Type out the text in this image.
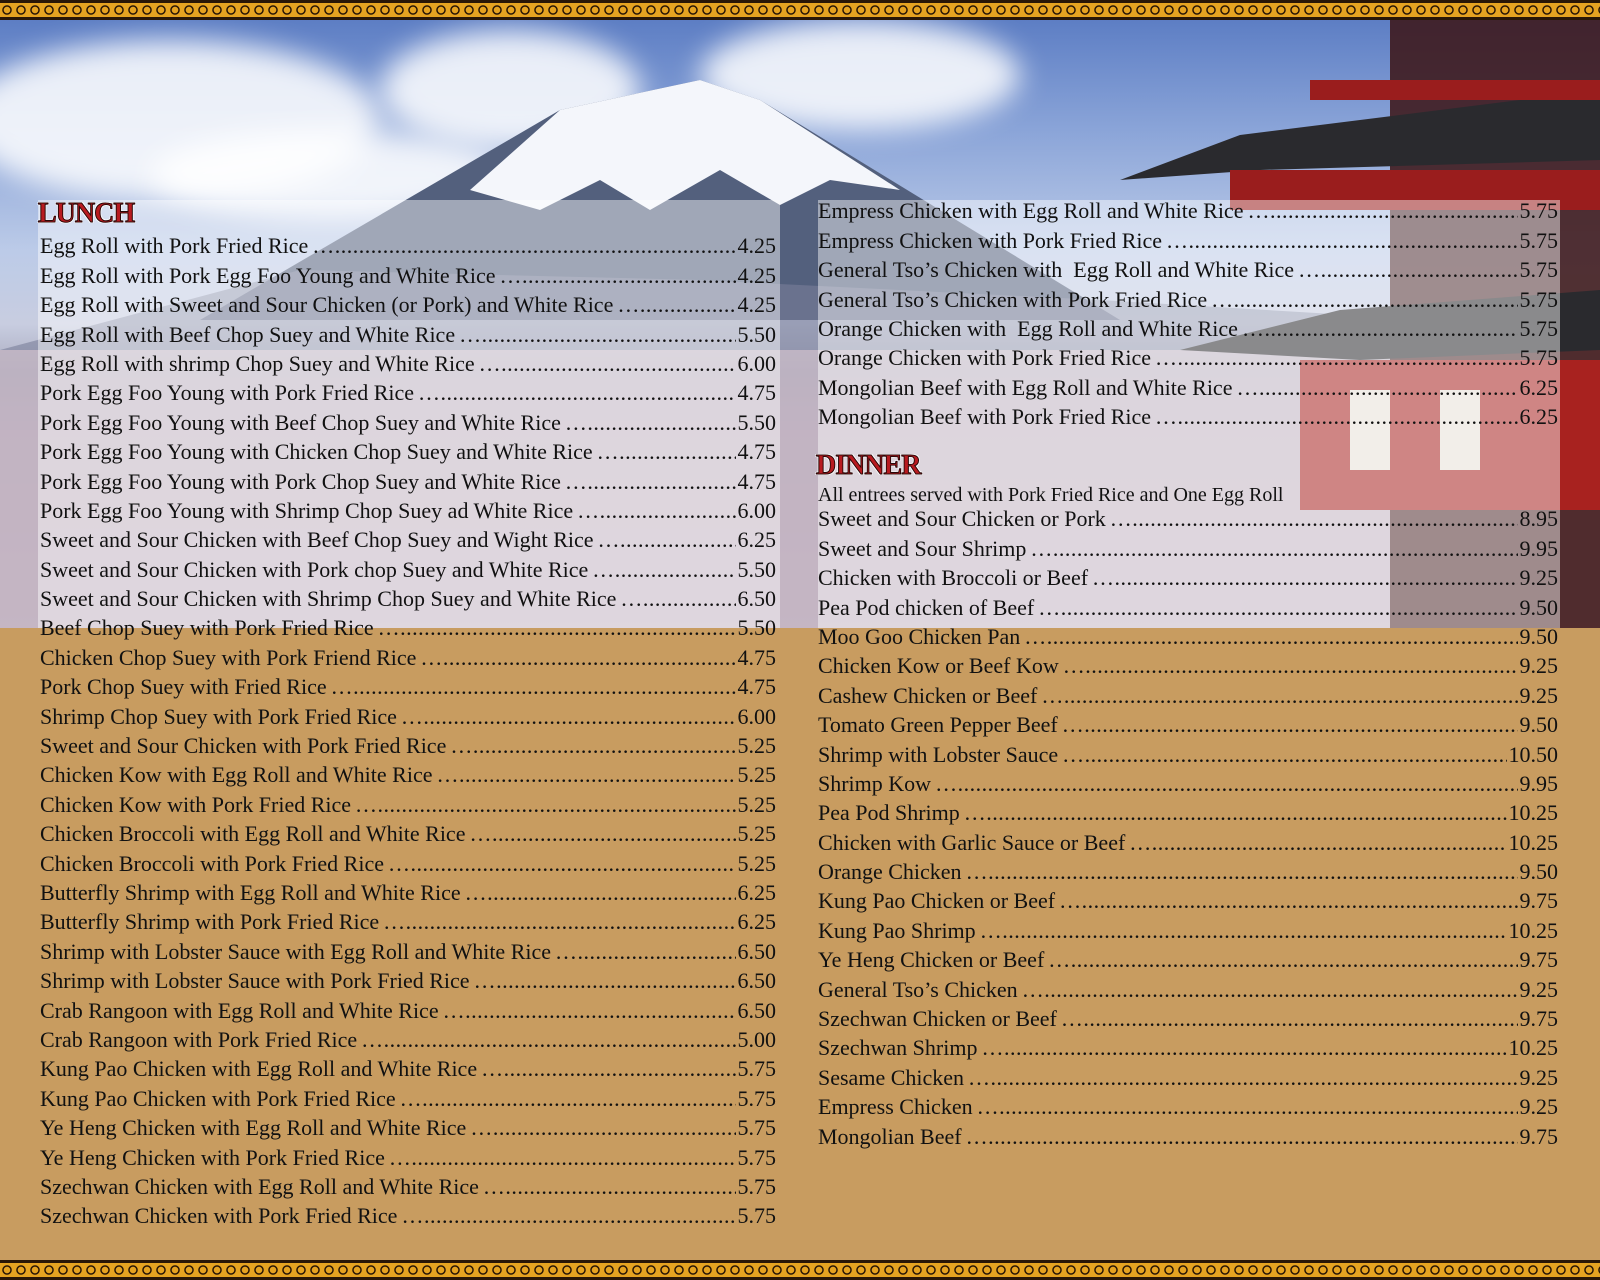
LUNCH
Egg Roll with Pork Fried Rice …......................................................................................................................................................................................................	4.25
Egg Roll with Pork Egg Foo Young and White Rice …......................................................................................................................................................................................................	4.25
Egg Roll with Sweet and Sour Chicken (or Pork) and White Rice …......................................................................................................................................................................................................	4.25
Egg Roll with Beef Chop Suey and White Rice …......................................................................................................................................................................................................	5.50
Egg Roll with shrimp Chop Suey and White Rice …......................................................................................................................................................................................................	6.00
Pork Egg Foo Young with Pork Fried Rice …......................................................................................................................................................................................................	4.75
Pork Egg Foo Young with Beef Chop Suey and White Rice …......................................................................................................................................................................................................	5.50
Pork Egg Foo Young with Chicken Chop Suey and White Rice …......................................................................................................................................................................................................	4.75
Pork Egg Foo Young with Pork Chop Suey and White Rice …......................................................................................................................................................................................................	4.75
Pork Egg Foo Young with Shrimp Chop Suey ad White Rice …......................................................................................................................................................................................................	6.00
Sweet and Sour Chicken with Beef Chop Suey and Wight Rice …......................................................................................................................................................................................................	6.25
Sweet and Sour Chicken with Pork chop Suey and White Rice …......................................................................................................................................................................................................	5.50
Sweet and Sour Chicken with Shrimp Chop Suey and White Rice …......................................................................................................................................................................................................	6.50
Beef Chop Suey with Pork Fried Rice …......................................................................................................................................................................................................	5.50
Chicken Chop Suey with Pork Friend Rice …......................................................................................................................................................................................................	4.75
Pork Chop Suey with Fried Rice …......................................................................................................................................................................................................	4.75
Shrimp Chop Suey with Pork Fried Rice …......................................................................................................................................................................................................	6.00
Sweet and Sour Chicken with Pork Fried Rice …......................................................................................................................................................................................................	5.25
Chicken Kow with Egg Roll and White Rice …......................................................................................................................................................................................................	5.25
Chicken Kow with Pork Fried Rice …......................................................................................................................................................................................................	5.25
Chicken Broccoli with Egg Roll and White Rice …......................................................................................................................................................................................................	5.25
Chicken Broccoli with Pork Fried Rice …......................................................................................................................................................................................................	5.25
Butterfly Shrimp with Egg Roll and White Rice …......................................................................................................................................................................................................	6.25
Butterfly Shrimp with Pork Fried Rice …......................................................................................................................................................................................................	6.25
Shrimp with Lobster Sauce with Egg Roll and White Rice …......................................................................................................................................................................................................	6.50
Shrimp with Lobster Sauce with Pork Fried Rice …......................................................................................................................................................................................................	6.50
Crab Rangoon with Egg Roll and White Rice …......................................................................................................................................................................................................	6.50
Crab Rangoon with Pork Fried Rice …......................................................................................................................................................................................................	5.00
Kung Pao Chicken with Egg Roll and White Rice …......................................................................................................................................................................................................	5.75
Kung Pao Chicken with Pork Fried Rice …......................................................................................................................................................................................................	5.75
Ye Heng Chicken with Egg Roll and White Rice …......................................................................................................................................................................................................	5.75
Ye Heng Chicken with Pork Fried Rice …......................................................................................................................................................................................................	5.75
Szechwan Chicken with Egg Roll and White Rice …......................................................................................................................................................................................................	5.75
Szechwan Chicken with Pork Fried Rice …......................................................................................................................................................................................................	5.75
Empress Chicken with Egg Roll and White Rice …......................................................................................................................................................................................................	5.75
Empress Chicken with Pork Fried Rice …......................................................................................................................................................................................................	5.75
General Tso’s Chicken with  Egg Roll and White Rice …......................................................................................................................................................................................................	5.75
General Tso’s Chicken with Pork Fried Rice …......................................................................................................................................................................................................	5.75
Orange Chicken with  Egg Roll and White Rice …......................................................................................................................................................................................................	5.75
Orange Chicken with Pork Fried Rice …......................................................................................................................................................................................................	5.75
Mongolian Beef with Egg Roll and White Rice …......................................................................................................................................................................................................	6.25
Mongolian Beef with Pork Fried Rice …......................................................................................................................................................................................................	6.25
DINNER
All entrees served with Pork Fried Rice and One Egg Roll
Sweet and Sour Chicken or Pork …......................................................................................................................................................................................................	8.95
Sweet and Sour Shrimp …......................................................................................................................................................................................................	9.95
Chicken with Broccoli or Beef …......................................................................................................................................................................................................	9.25
Pea Pod chicken of Beef …......................................................................................................................................................................................................	9.50
Moo Goo Chicken Pan …......................................................................................................................................................................................................	9.50
Chicken Kow or Beef Kow …......................................................................................................................................................................................................	9.25
Cashew Chicken or Beef …......................................................................................................................................................................................................	9.25
Tomato Green Pepper Beef …......................................................................................................................................................................................................	9.50
Shrimp with Lobster Sauce …......................................................................................................................................................................................................	10.50
Shrimp Kow …......................................................................................................................................................................................................	9.95
Pea Pod Shrimp …......................................................................................................................................................................................................	10.25
Chicken with Garlic Sauce or Beef …......................................................................................................................................................................................................	10.25
Orange Chicken …......................................................................................................................................................................................................	9.50
Kung Pao Chicken or Beef …......................................................................................................................................................................................................	9.75
Kung Pao Shrimp …......................................................................................................................................................................................................	10.25
Ye Heng Chicken or Beef …......................................................................................................................................................................................................	9.75
General Tso’s Chicken …......................................................................................................................................................................................................	9.25
Szechwan Chicken or Beef …......................................................................................................................................................................................................	9.75
Szechwan Shrimp …......................................................................................................................................................................................................	10.25
Sesame Chicken …......................................................................................................................................................................................................	9.25
Empress Chicken …......................................................................................................................................................................................................	9.25
Mongolian Beef …......................................................................................................................................................................................................	9.75
